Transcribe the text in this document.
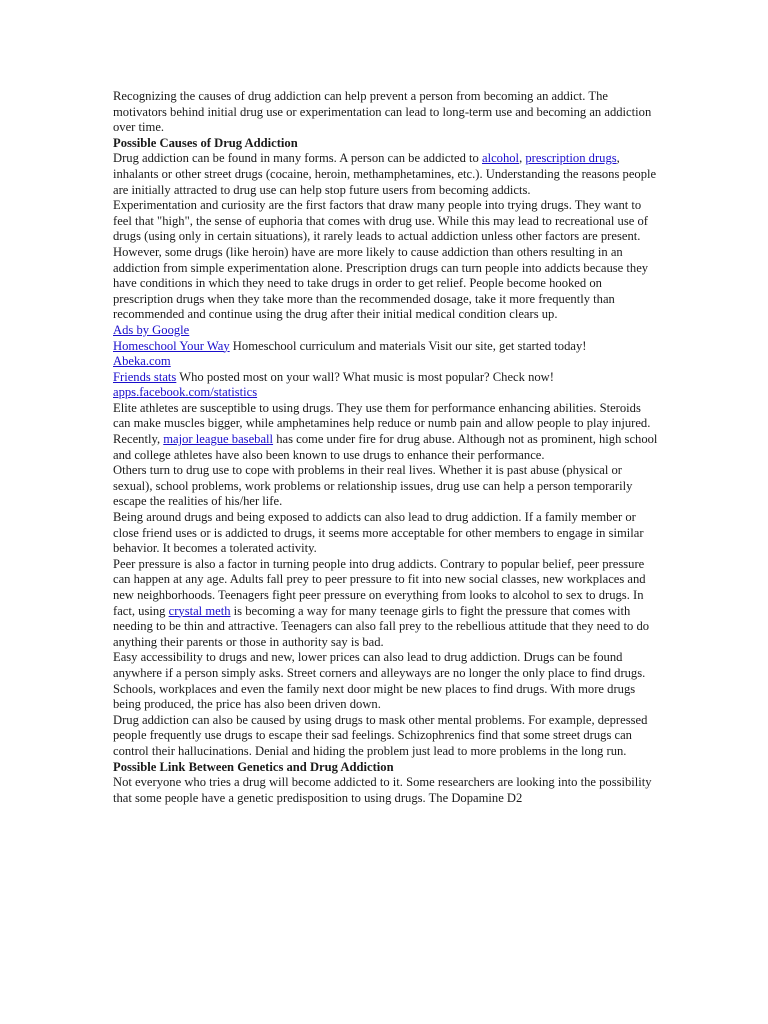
Recognizing the causes of drug addiction can help prevent a person from becoming an addict. The motivators behind initial drug use or experimentation can lead to long-term use and becoming an addiction over time.

Possible Causes of Drug Addiction

Drug addiction can be found in many forms. A person can be addicted to alcohol, prescription drugs, inhalants or other street drugs (cocaine, heroin, methamphetamines, etc.). Understanding the reasons people are initially attracted to drug use can help stop future users from becoming addicts.

Experimentation and curiosity are the first factors that draw many people into trying drugs. They want to feel that "high", the sense of euphoria that comes with drug use. While this may lead to recreational use of drugs (using only in certain situations), it rarely leads to actual addiction unless other factors are present. However, some drugs (like heroin) have are more likely to cause addiction than others resulting in an addiction from simple experimentation alone. Prescription drugs can turn people into addicts because they have conditions in which they need to take drugs in order to get relief. People become hooked on prescription drugs when they take more than the recommended dosage, take it more frequently than recommended and continue using the drug after their initial medical condition clears up.

Ads by Google
Homeschool Your Way Homeschool curriculum and materials Visit our site, get started today!
Abeka.com
Friends stats Who posted most on your wall? What music is most popular? Check now!
apps.facebook.com/statistics

Elite athletes are susceptible to using drugs. They use them for performance enhancing abilities. Steroids can make muscles bigger, while amphetamines help reduce or numb pain and allow people to play injured. Recently, major league baseball has come under fire for drug abuse. Although not as prominent, high school and college athletes have also been known to use drugs to enhance their performance.

Others turn to drug use to cope with problems in their real lives. Whether it is past abuse (physical or sexual), school problems, work problems or relationship issues, drug use can help a person temporarily escape the realities of his/her life.

Being around drugs and being exposed to addicts can also lead to drug addiction. If a family member or close friend uses or is addicted to drugs, it seems more acceptable for other members to engage in similar behavior. It becomes a tolerated activity.

Peer pressure is also a factor in turning people into drug addicts. Contrary to popular belief, peer pressure can happen at any age. Adults fall prey to peer pressure to fit into new social classes, new workplaces and new neighborhoods. Teenagers fight peer pressure on everything from looks to alcohol to sex to drugs. In fact, using crystal meth is becoming a way for many teenage girls to fight the pressure that comes with needing to be thin and attractive. Teenagers can also fall prey to the rebellious attitude that they need to do anything their parents or those in authority say is bad.

Easy accessibility to drugs and new, lower prices can also lead to drug addiction. Drugs can be found anywhere if a person simply asks. Street corners and alleyways are no longer the only place to find drugs. Schools, workplaces and even the family next door might be new places to find drugs. With more drugs being produced, the price has also been driven down.

Drug addiction can also be caused by using drugs to mask other mental problems. For example, depressed people frequently use drugs to escape their sad feelings. Schizophrenics find that some street drugs can control their hallucinations. Denial and hiding the problem just lead to more problems in the long run.

Possible Link Between Genetics and Drug Addiction

Not everyone who tries a drug will become addicted to it. Some researchers are looking into the possibility that some people have a genetic predisposition to using drugs. The Dopamine D2
